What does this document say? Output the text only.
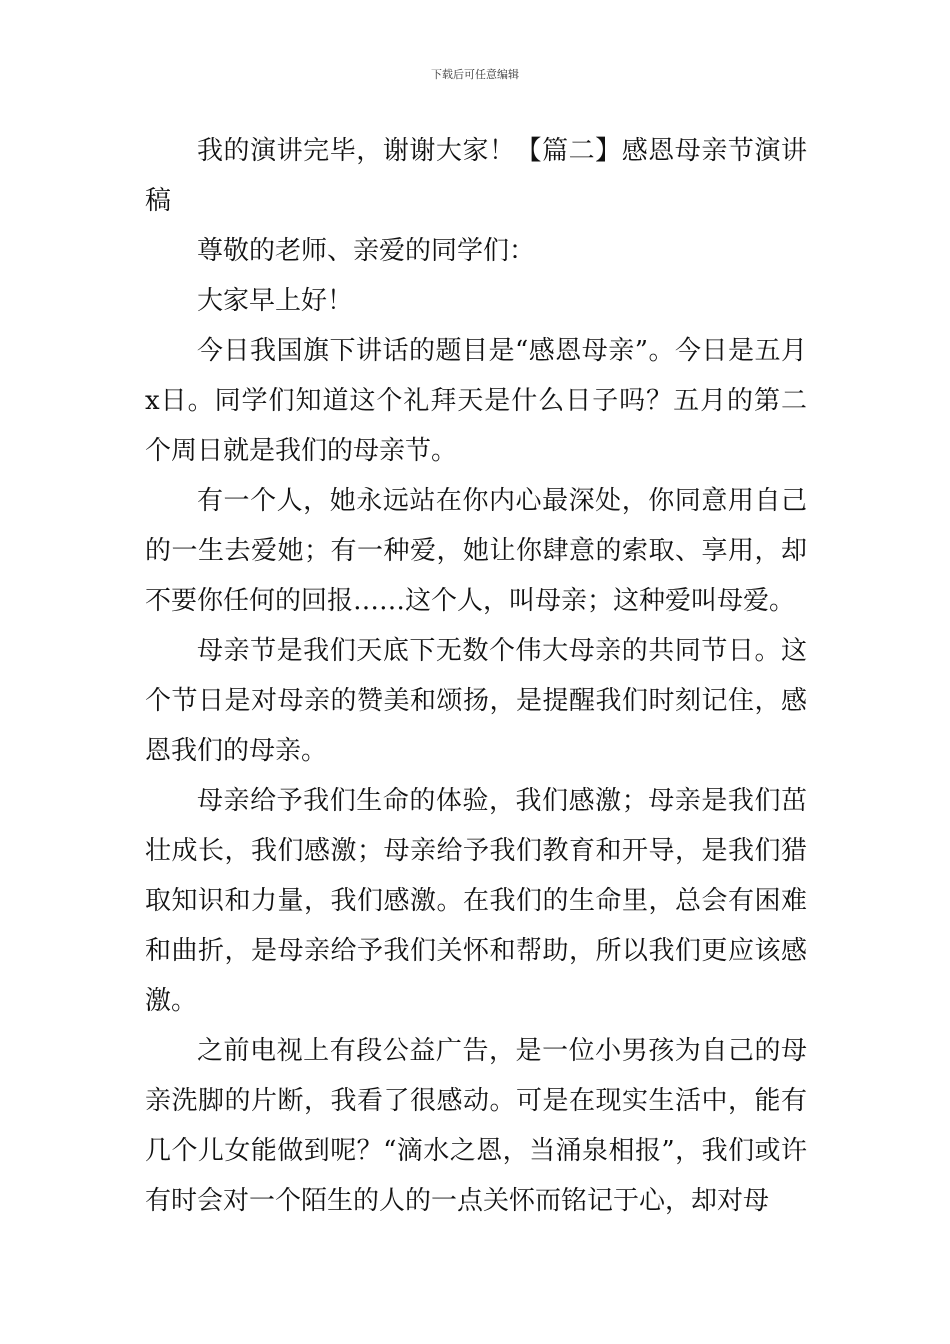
下载后可任意编辑

我的演讲完毕，谢谢大家！【篇二】感恩母亲节演讲稿

尊敬的老师、亲爱的同学们：

大家早上好！

今日我国旗下讲话的题目是“感恩母亲”。今日是五月x日。同学们知道这个礼拜天是什么日子吗？五月的第二个周日就是我们的母亲节。

有一个人，她永远站在你内心最深处，你同意用自己的一生去爱她；有一种爱，她让你肆意的索取、享用，却不要你任何的回报……这个人，叫母亲；这种爱叫母爱。

母亲节是我们天底下无数个伟大母亲的共同节日。这个节日是对母亲的赞美和颂扬，是提醒我们时刻记住，感恩我们的母亲。

母亲给予我们生命的体验，我们感激；母亲是我们茁壮成长，我们感激；母亲给予我们教育和开导，是我们猎取知识和力量，我们感激。在我们的生命里，总会有困难和曲折，是母亲给予我们关怀和帮助，所以我们更应该感激。

之前电视上有段公益广告，是一位小男孩为自己的母亲洗脚的片断，我看了很感动。可是在现实生活中，能有几个儿女能做到呢？“滴水之恩，当涌泉相报”，我们或许有时会对一个陌生的人的一点关怀而铭记于心，却对母
